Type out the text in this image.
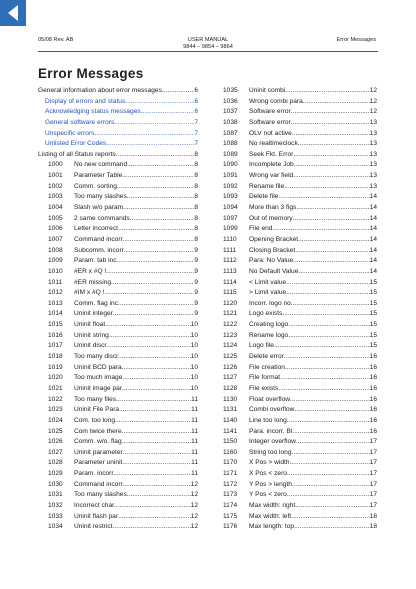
05/08 Rev. AB	USER MANUAL
9844 – 9854 – 9864
Error Messages
Error Messages
General information about error messages .....	6
Display of errors and status .....	6
Acknowledging status messages .....	6
General software errors .....	7
Unspecific errors .....	7
Unlisted Error Codes .....	7
Listing of all Status reports .....	8
1000	No new command .....	8
1001	Parameter Table .....	8
1002	Comm. sorting .....	8
1003	Too many slashes .....	8
1004	Slash w/o param. .....	8
1005	2 same commands .....	8
1006	Letter incorrect .....	8
1007	Command incorr. .....	8
1008	Subcomm. incorr. .....	9
1009	Param. tab inc. .....	9
1010	#ER x #Q ! .....	9
1011	#ER missing .....	9
1012	#IM x #Q ! .....	9
1013	Comm. flag inc. .....	9
1014	Uninit integer .....	9
1015	Uninit float .....	10
1016	Uninit string .....	10
1017	Uninit discr. .....	10
1018	Too many discr. .....	10
1019	Uninit BCD para. .....	10
1020	Too much image .....	10
1021	Uninit image par .....	10
1022	Too many files .....	11
1023	Uninit File Para. .....	11
1024	Com. too long .....	11
1025	Com twice there .....	11
1026	Comm. w/o. flag .....	11
1027	Uninit parameter .....	11
1028	Parameter uninit .....	11
1029	Param. incorr. .....	11
1030	Command incorr. .....	12
1031	Too many slashes .....	12
1032	Incorrect char. .....	12
1033	Uninit flash par .....	12
1034	Uninit restrict .....	12
1035	Uninit combi .....	12
1036	Wrong combi para. .....	12
1037	Software error .....	12
1038	Software error .....	13
1087	OLV not active .....	13
1088	No realtimeclock .....	13
1089	Seek Fkt. Error .....	13
1090	Incomplete Job .....	13
1091	Wrong var field .....	13
1092	Rename file .....	13
1093	Delete file .....	14
1094	More than 3 figs .....	14
1097	Out of memory .....	14
1099	File end .....	14
1110	Opening Bracket .....	14
1111	Closing Bracket .....	14
1112	Para: No Value .....	14
1113	No Default Value .....	14
1114	< Limit value .....	15
1115	> Limit value .....	15
1120	Incorr. logo no .....	15
1121	Logo exists .....	15
1122	Creating logo .....	15
1123	Rename logo .....	15
1124	Logo file .....	15
1125	Delete error .....	16
1126	File creation .....	16
1127	File format .....	16
1128	File exists .....	16
1130	Float overflow .....	16
1131	Combi overflow .....	16
1140	Line too long .....	16
1141	Para. incorr. Bl .....	16
1150	Integer overflow .....	17
1160	String too long .....	17
1170	X Pos > width .....	17
1171	X Pos < zero .....	17
1172	Y Pos > length .....	17
1173	Y Pos < zero .....	17
1174	Max width: right .....	17
1175	Max width: left .....	18
1176	Max length: top .....	18
